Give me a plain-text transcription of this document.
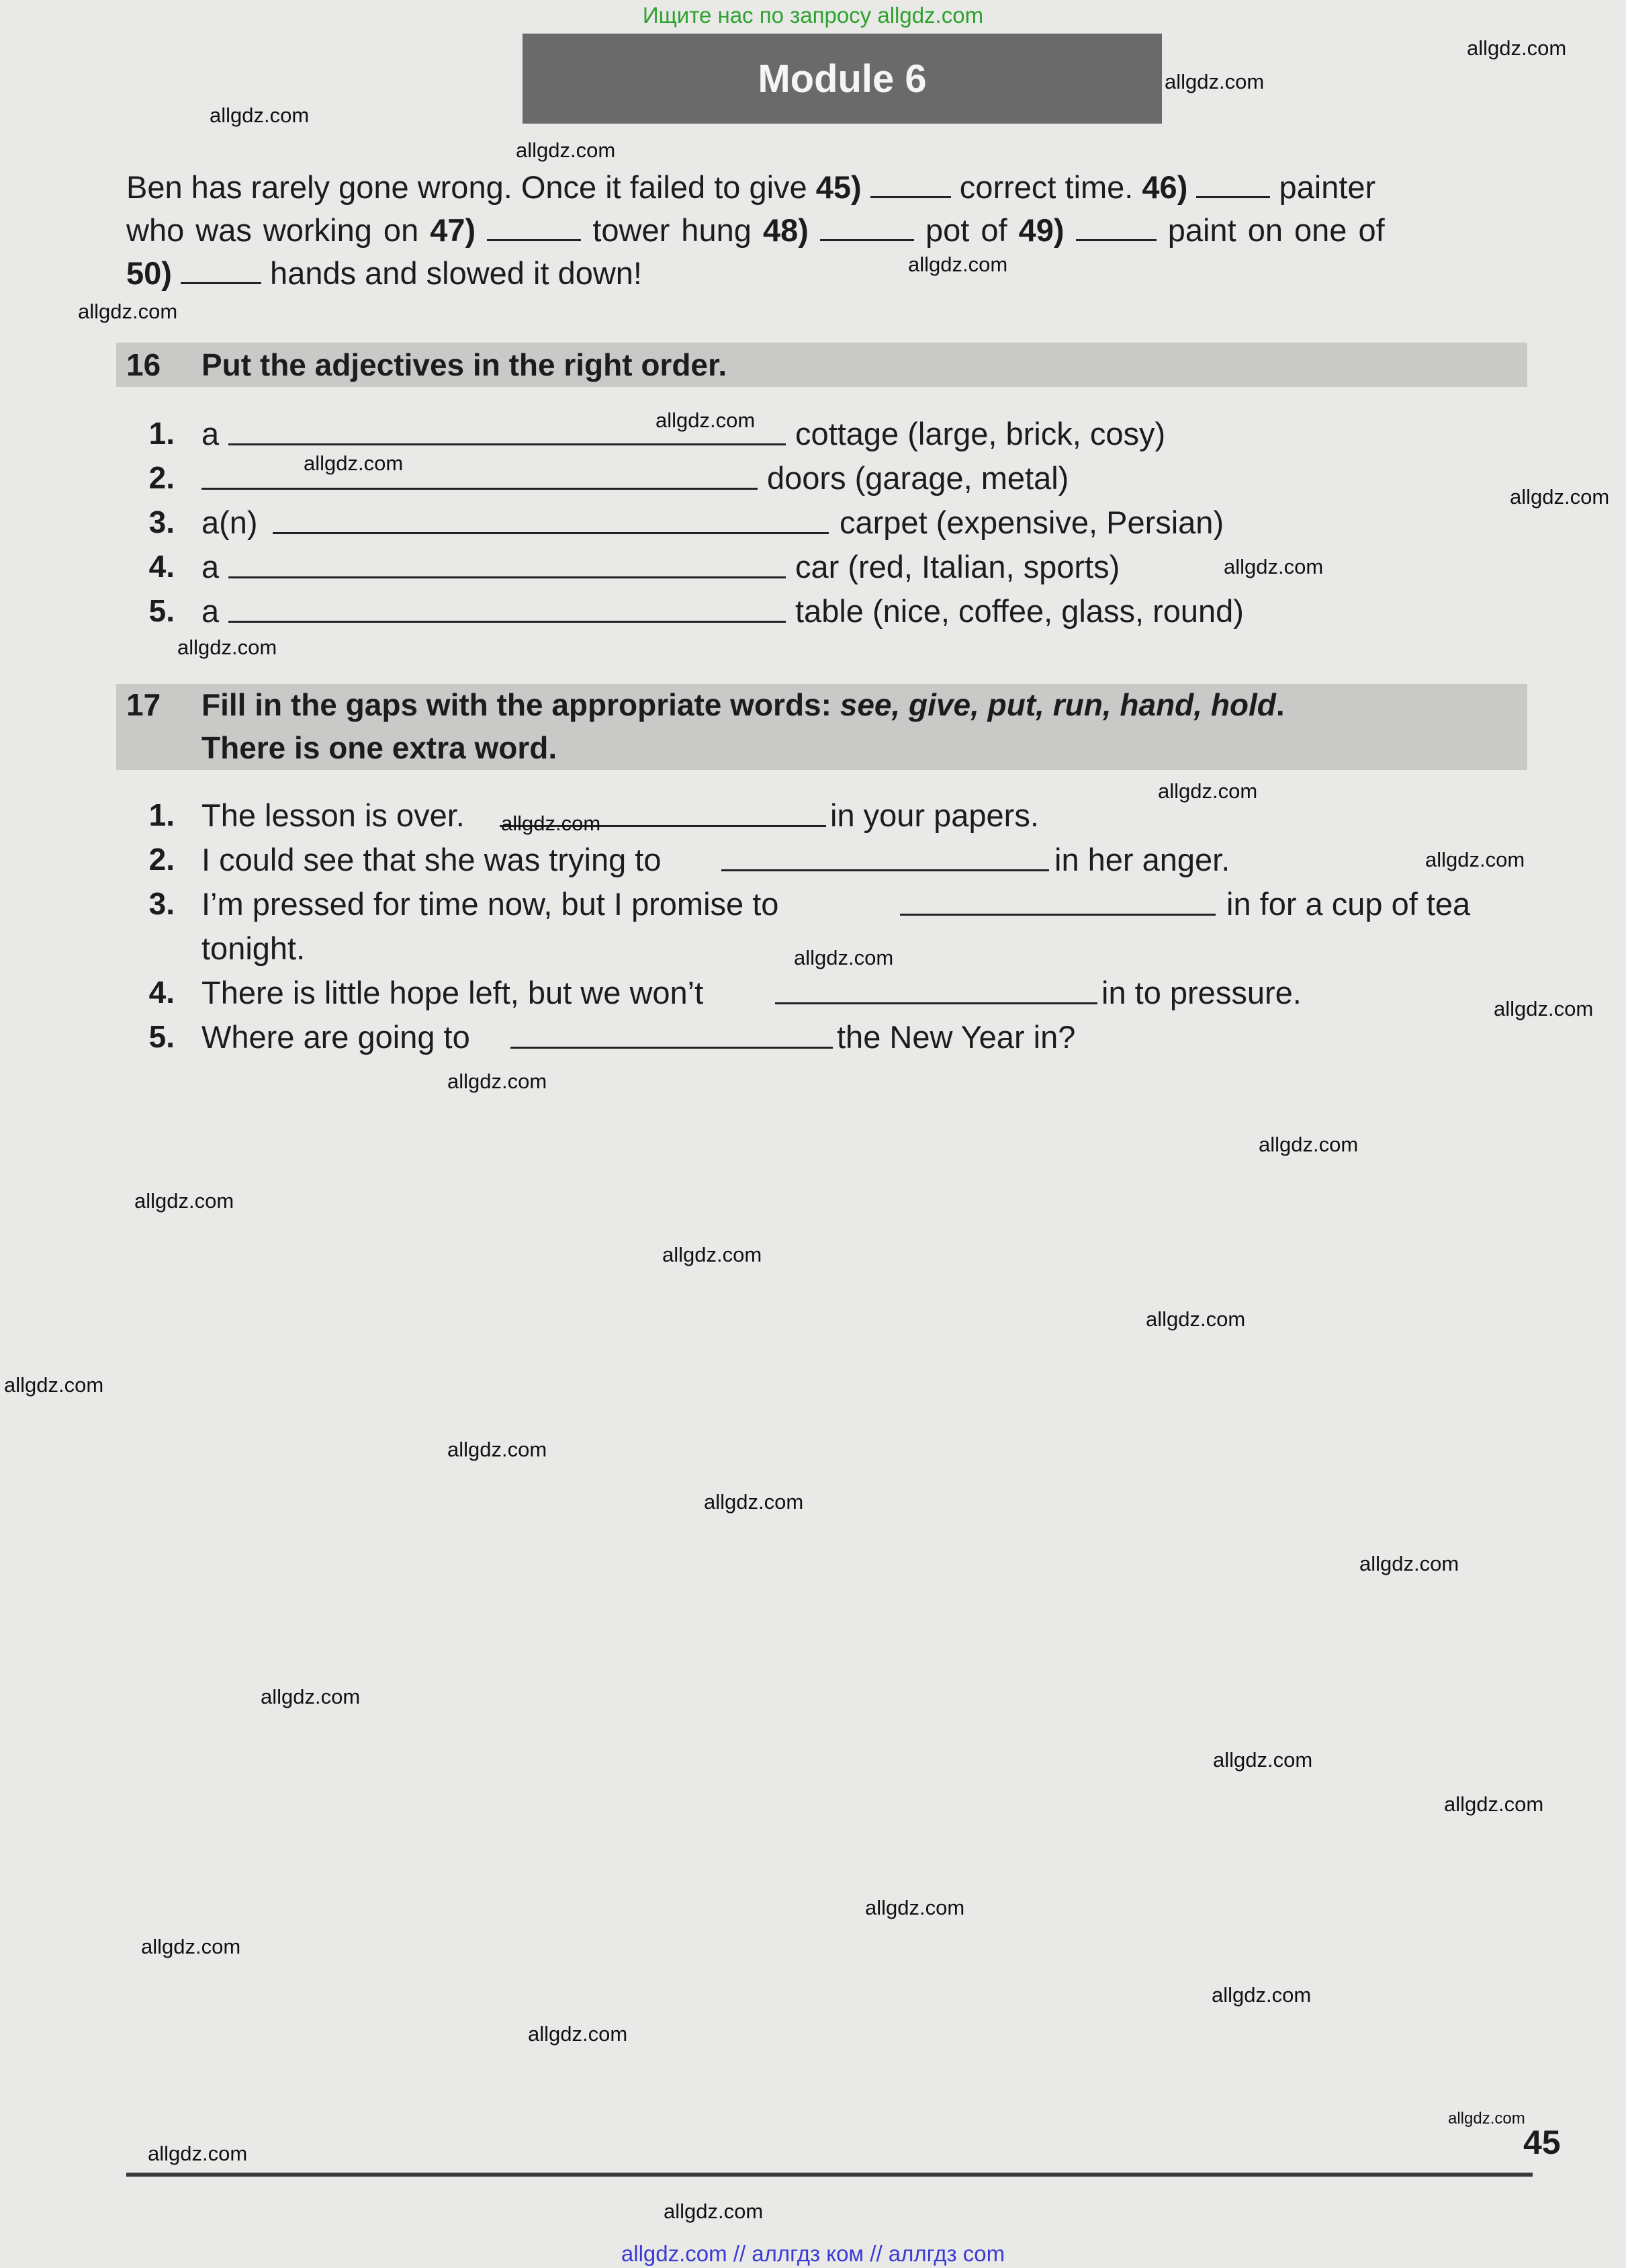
Ищите нас по запросу allgdz.com
Module 6
Ben has rarely gone wrong. Once it failed to give 45)	correct time. 46)	painter
who was working on 47)	tower hung 48)	pot of 49)	paint on one of
50)	hands and slowed it down!
16 Put the adjectives in the right order.
1. a	cottage (large, brick, cosy)
2.	doors (garage, metal)
3. a(n)	carpet (expensive, Persian)
4. a	car (red, Italian, sports)
5. a	table (nice, coffee, glass, round)
17 Fill in the gaps with the appropriate words: see, give, put, run, hand, hold.
There is one extra word.
1. The lesson is over.	in your papers.
2. I could see that she was trying to	in her anger.
3. I’m pressed for time now, but I promise to	in for a cup of tea
tonight.
4. There is little hope left, but we won’t	in to pressure.
5. Where are going to	the New Year in?
allgdz.com
allgdz.com
allgdz.com
allgdz.com
allgdz.com
allgdz.com
allgdz.com
allgdz.com
allgdz.com
allgdz.com
allgdz.com
allgdz.com
allgdz.com
allgdz.com
allgdz.com
allgdz.com
allgdz.com
allgdz.com
allgdz.com
allgdz.com
allgdz.com
allgdz.com
allgdz.com
allgdz.com
allgdz.com
allgdz.com
allgdz.com
allgdz.com
allgdz.com
allgdz.com
allgdz.com
allgdz.com
allgdz.com
allgdz.com
allgdz.com
45
allgdz.com // аллгдз ком // аллгдз сom
